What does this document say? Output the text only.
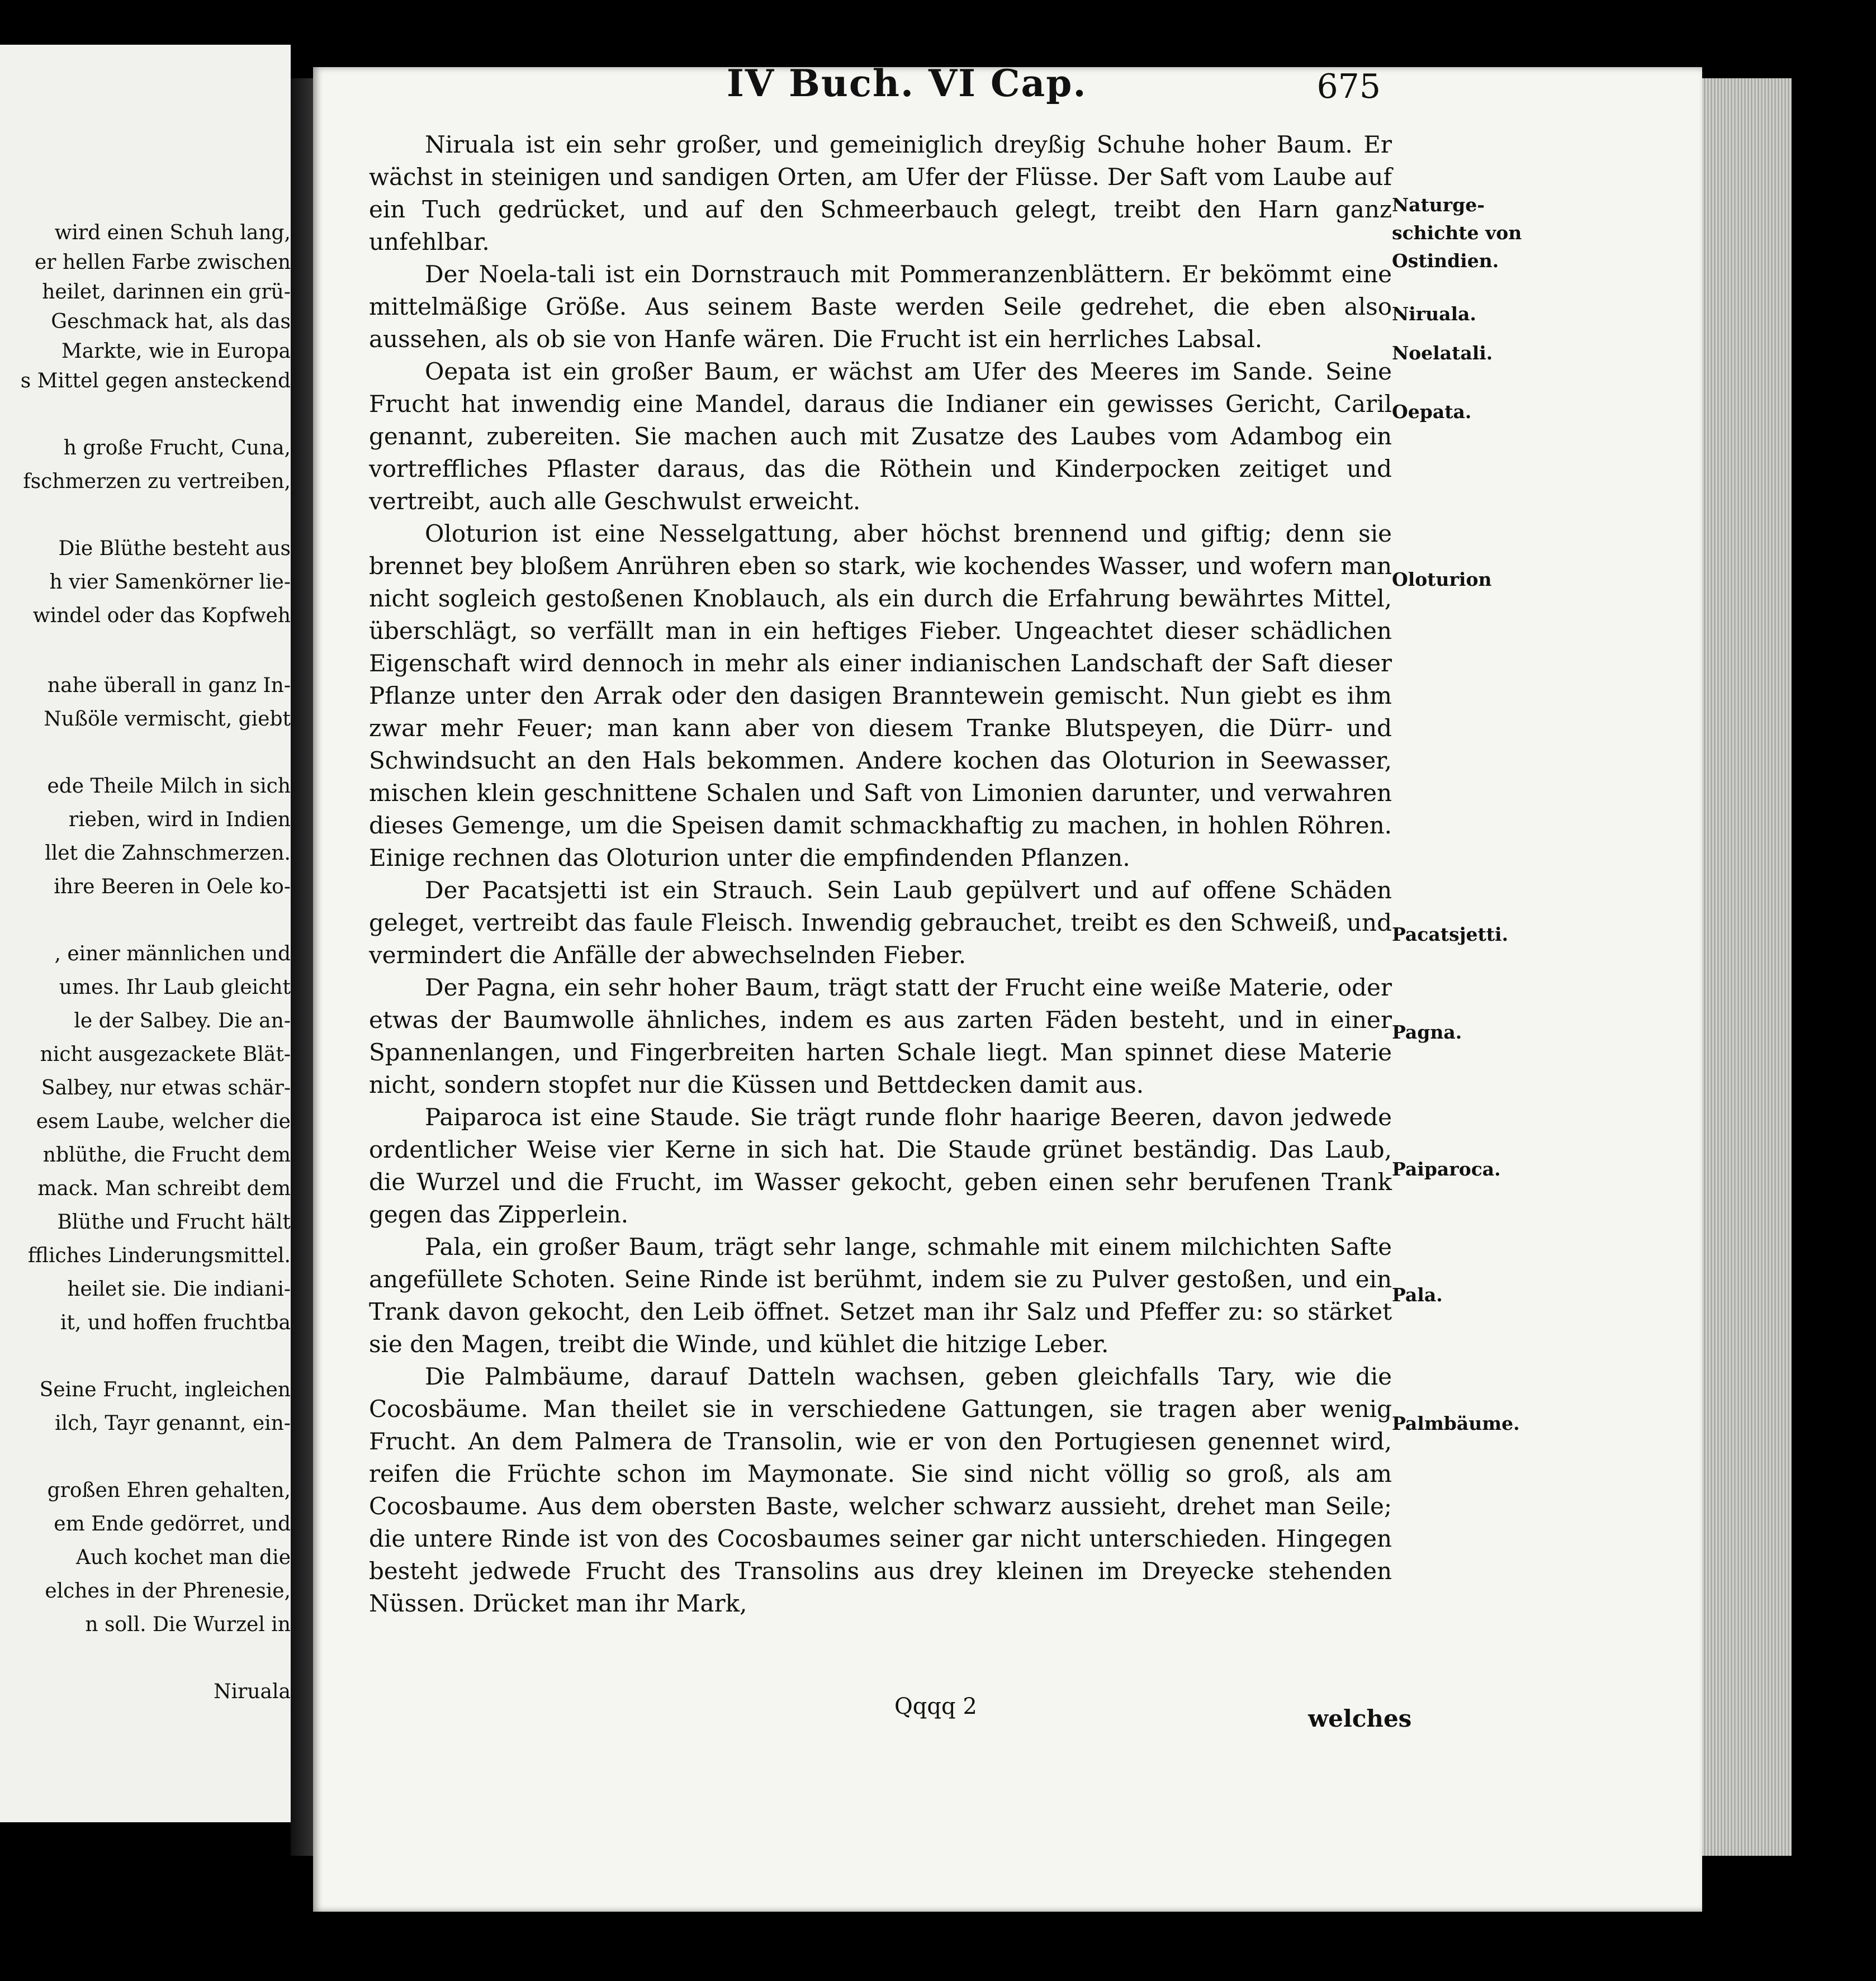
wird einen Schuh lang,
er hellen Farbe zwischen
heilet, darinnen ein grü-
Geschmack hat, als das
Markte, wie in Europa
s Mittel gegen ansteckend
h große Frucht, Cuna,
fschmerzen zu vertreiben,
Die Blüthe besteht aus
h vier Samenkörner lie-
windel oder das Kopfweh
nahe überall in ganz In-
Nußöle vermischt, giebt
ede Theile Milch in sich
rieben, wird in Indien
llet die Zahnschmerzen.
ihre Beeren in Oele ko-
, einer männlichen und
umes. Ihr Laub gleicht
le der Salbey. Die an-
nicht ausgezackete Blät-
Salbey, nur etwas schär-
esem Laube, welcher die
nblüthe, die Frucht dem
mack. Man schreibt dem
Blüthe und Frucht hält
ffliches Linderungsmittel.
heilet sie. Die indiani-
it, und hoffen fruchtba
Seine Frucht, ingleichen
ilch, Tayr genannt, ein-
großen Ehren gehalten,
em Ende gedörret, und
Auch kochet man die
elches in der Phrenesie,
n soll. Die Wurzel in
Niruala
IV Buch. VI Cap.	675

Niruala ist ein sehr großer, und gemeiniglich dreyßig Schuhe hoher Baum. Er wächst in steinigen und sandigen Orten, am Ufer der Flüsse. Der Saft vom Laube auf ein Tuch gedrücket, und auf den Schmeerbauch gelegt, treibt den Harn ganz unfehlbar.

Der Noela-tali ist ein Dornstrauch mit Pommeranzenblättern. Er bekömmt eine mittelmäßige Größe. Aus seinem Baste werden Seile gedrehet, die eben also aussehen, als ob sie von Hanfe wären. Die Frucht ist ein herrliches Labsal.

Oepata ist ein großer Baum, er wächst am Ufer des Meeres im Sande. Seine Frucht hat inwendig eine Mandel, daraus die Indianer ein gewisses Gericht, Caril genannt, zubereiten. Sie machen auch mit Zusatze des Laubes vom Adambog ein vortreffliches Pflaster daraus, das die Röthein und Kinderpocken zeitiget und vertreibt, auch alle Geschwulst erweicht.

Oloturion ist eine Nesselgattung, aber höchst brennend und giftig; denn sie brennet bey bloßem Anrühren eben so stark, wie kochendes Wasser, und wofern man nicht sogleich gestoßenen Knoblauch, als ein durch die Erfahrung bewährtes Mittel, überschlägt, so verfällt man in ein heftiges Fieber. Ungeachtet dieser schädlichen Eigenschaft wird dennoch in mehr als einer indianischen Landschaft der Saft dieser Pflanze unter den Arrak oder den dasigen Branntewein gemischt. Nun giebt es ihm zwar mehr Feuer; man kann aber von diesem Tranke Blutspeyen, die Dürr- und Schwindsucht an den Hals bekommen. Andere kochen das Oloturion in Seewasser, mischen klein geschnittene Schalen und Saft von Limonien darunter, und verwahren dieses Gemenge, um die Speisen damit schmackhaftig zu machen, in hohlen Röhren. Einige rechnen das Oloturion unter die empfindenden Pflanzen.

Der Pacatsjetti ist ein Strauch. Sein Laub gepülvert und auf offene Schäden geleget, vertreibt das faule Fleisch. Inwendig gebrauchet, treibt es den Schweiß, und vermindert die Anfälle der abwechselnden Fieber.

Der Pagna, ein sehr hoher Baum, trägt statt der Frucht eine weiße Materie, oder etwas der Baumwolle ähnliches, indem es aus zarten Fäden besteht, und in einer Spannenlangen, und Fingerbreiten harten Schale liegt. Man spinnet diese Materie nicht, sondern stopfet nur die Küssen und Bettdecken damit aus.

Paiparoca ist eine Staude. Sie trägt runde flohr haarige Beeren, davon jedwede ordentlicher Weise vier Kerne in sich hat. Die Staude grünet beständig. Das Laub, die Wurzel und die Frucht, im Wasser gekocht, geben einen sehr berufenen Trank gegen das Zipperlein.

Pala, ein großer Baum, trägt sehr lange, schmahle mit einem milchichten Safte angefüllete Schoten. Seine Rinde ist berühmt, indem sie zu Pulver gestoßen, und ein Trank davon gekocht, den Leib öffnet. Setzet man ihr Salz und Pfeffer zu: so stärket sie den Magen, treibt die Winde, und kühlet die hitzige Leber.

Die Palmbäume, darauf Datteln wachsen, geben gleichfalls Tary, wie die Cocosbäume. Man theilet sie in verschiedene Gattungen, sie tragen aber wenig Frucht. An dem Palmera de Transolin, wie er von den Portugiesen genennet wird, reifen die Früchte schon im Maymonate. Sie sind nicht völlig so groß, als am Cocosbaume. Aus dem obersten Baste, welcher schwarz aussieht, drehet man Seile; die untere Rinde ist von des Cocosbaumes seiner gar nicht unterschieden. Hingegen besteht jedwede Frucht des Transolins aus drey kleinen im Dreyecke stehenden Nüssen. Drücket man ihr Mark,

Naturge-
schichte von
Ostindien.
Niruala.
Noelatali.
Oepata.
Oloturion
Pacatsjetti.
Pagna.
Paiparoca.
Pala.
Palmbäume.
Qqqq 2	welches
